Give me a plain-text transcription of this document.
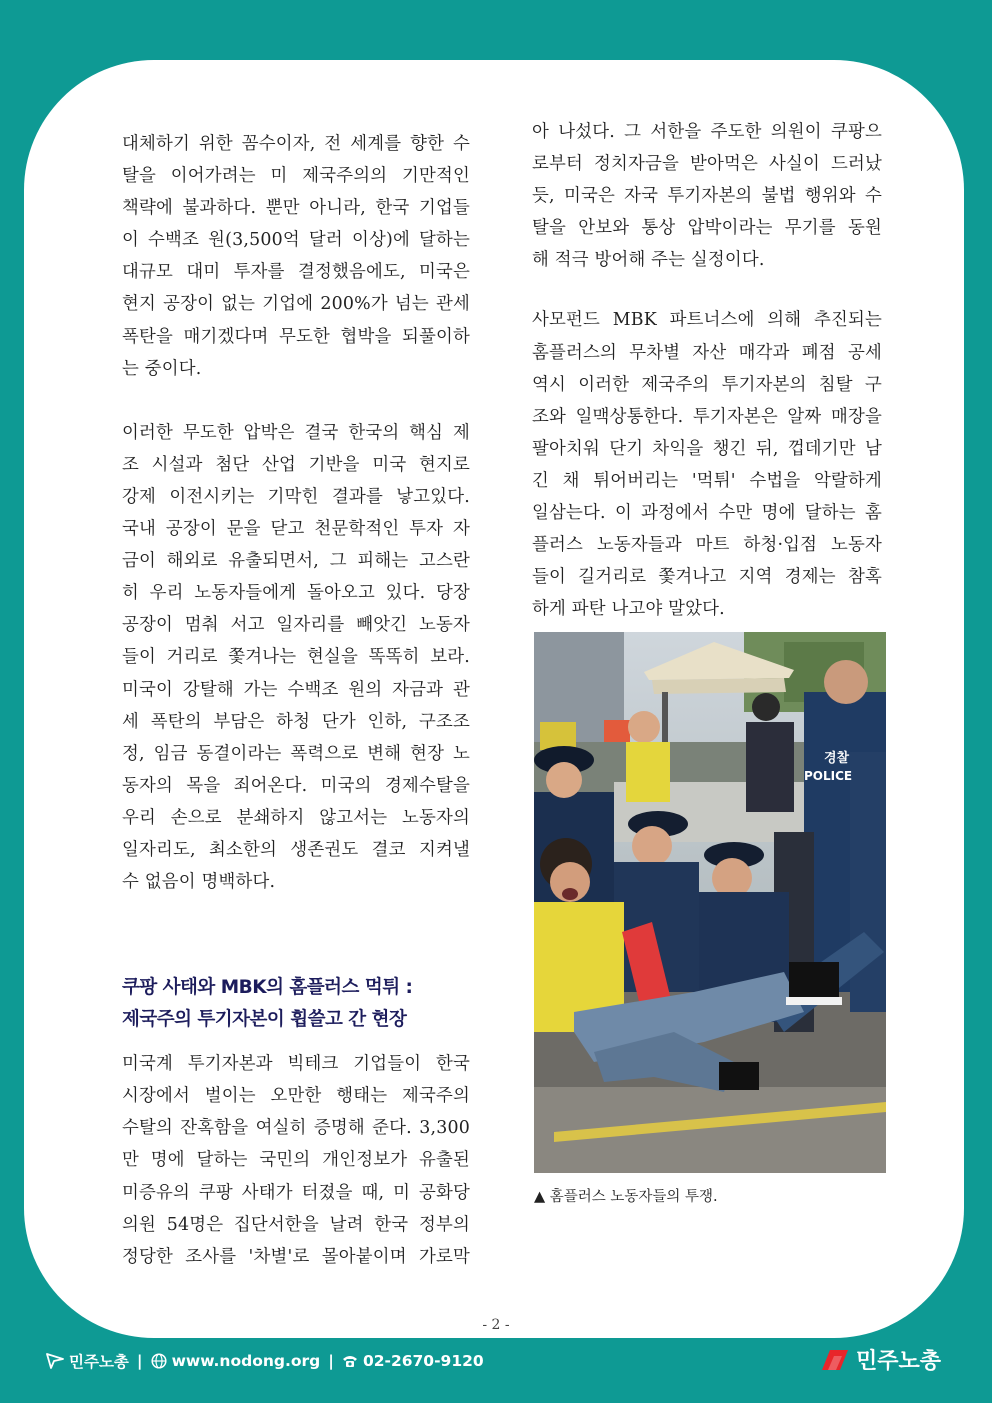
대체하기 위한 꼼수이자, 전 세계를 향한 수

탈을 이어가려는 미 제국주의의 기만적인

책략에 불과하다. 뿐만 아니라, 한국 기업들

이 수백조 원(3,500억 달러 이상)에 달하는

대규모 대미 투자를 결정했음에도, 미국은

현지 공장이 없는 기업에 200%가 넘는 관세

폭탄을 매기겠다며 무도한 협박을 되풀이하

는 중이다.

이러한 무도한 압박은 결국 한국의 핵심 제

조 시설과 첨단 산업 기반을 미국 현지로

강제 이전시키는 기막힌 결과를 낳고있다.

국내 공장이 문을 닫고 천문학적인 투자 자

금이 해외로 유출되면서, 그 피해는 고스란

히 우리 노동자들에게 돌아오고 있다. 당장

공장이 멈춰 서고 일자리를 빼앗긴 노동자

들이 거리로 쫓겨나는 현실을 똑똑히 보라.

미국이 강탈해 가는 수백조 원의 자금과 관

세 폭탄의 부담은 하청 단가 인하, 구조조

정, 임금 동결이라는 폭력으로 변해 현장 노

동자의 목을 죄어온다. 미국의 경제수탈을

우리 손으로 분쇄하지 않고서는 노동자의

일자리도, 최소한의 생존권도 결코 지켜낼

수 없음이 명백하다.

쿠팡 사태와 MBK의 홈플러스 먹튀 :

제국주의 투기자본이 휩쓸고 간 현장

미국계 투기자본과 빅테크 기업들이 한국

시장에서 벌이는 오만한 행태는 제국주의

수탈의 잔혹함을 여실히 증명해 준다. 3,300

만 명에 달하는 국민의 개인정보가 유출된

미증유의 쿠팡 사태가 터졌을 때, 미 공화당

의원 54명은 집단서한을 날려 한국 정부의

정당한 조사를 '차별'로 몰아붙이며 가로막

아 나섰다. 그 서한을 주도한 의원이 쿠팡으

로부터 정치자금을 받아먹은 사실이 드러났

듯, 미국은 자국 투기자본의 불법 행위와 수

탈을 안보와 통상 압박이라는 무기를 동원

해 적극 방어해 주는 실정이다.

사모펀드 MBK 파트너스에 의해 추진되는

홈플러스의 무차별 자산 매각과 폐점 공세

역시 이러한 제국주의 투기자본의 침탈 구

조와 일맥상통한다. 투기자본은 알짜 매장을

팔아치워 단기 차익을 챙긴 뒤, 껍데기만 남

긴 채 튀어버리는 '먹튀' 수법을 악랄하게

일삼는다. 이 과정에서 수만 명에 달하는 홈

플러스 노동자들과 마트 하청·입점 노동자

들이 길거리로 쫓겨나고 지역 경제는 참혹

하게 파탄 나고야 말았다.

경찰
POLICE
▲ 홈플러스 노동자들의 투쟁.
- 2 -
민주노총 | www.nodong.org | 02-2670-9120	민주노총
